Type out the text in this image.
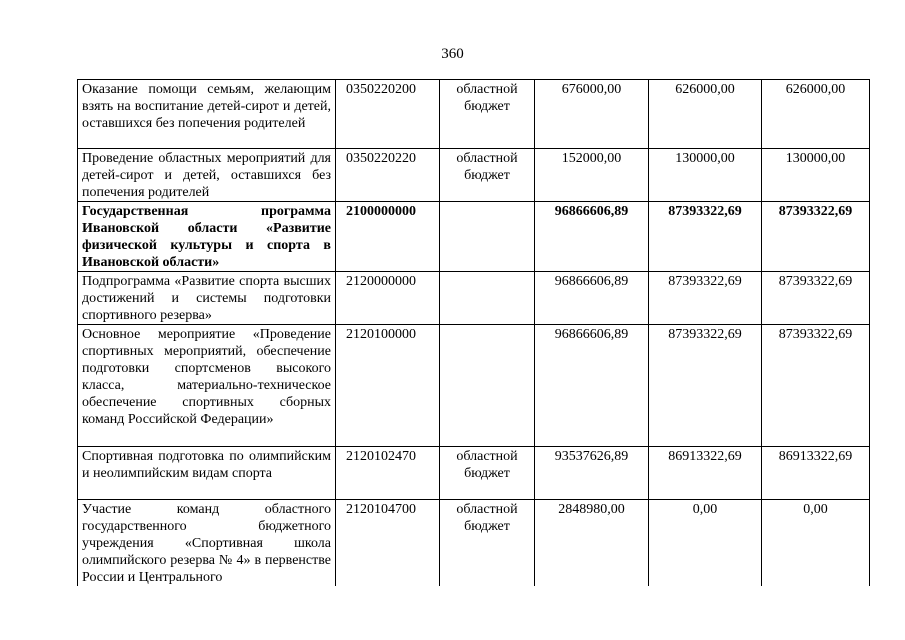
360
Оказание помощи семьям, желающим взять на воспитание детей-сирот и детей, оставшихся без попечения родителей	0350220200	областной бюджет	676000,00	626000,00	626000,00
Проведение областных мероприятий для детей-сирот и детей, оставшихся без попечения родителей	0350220220	областной бюджет	152000,00	130000,00	130000,00
Государственная программа Ивановской области «Развитие физической культуры и спорта в Ивановской области»	2100000000		96866606,89	87393322,69	87393322,69
Подпрограмма «Развитие спорта высших достижений и системы подготовки спортивного резерва»	2120000000		96866606,89	87393322,69	87393322,69
Основное мероприятие «Проведение спортивных мероприятий, обеспечение подготовки спортсменов высокого класса, материально-техническое обеспечение спортивных сборных команд Российской Федерации»	2120100000		96866606,89	87393322,69	87393322,69
Спортивная подготовка по олимпийским и неолимпийским видам спорта	2120102470	областной бюджет	93537626,89	86913322,69	86913322,69
Участие команд областного государственного бюджетного учреждения «Спортивная школа олимпийского резерва № 4» в первенстве России и Центрального	2120104700	областной бюджет	2848980,00	0,00	0,00
